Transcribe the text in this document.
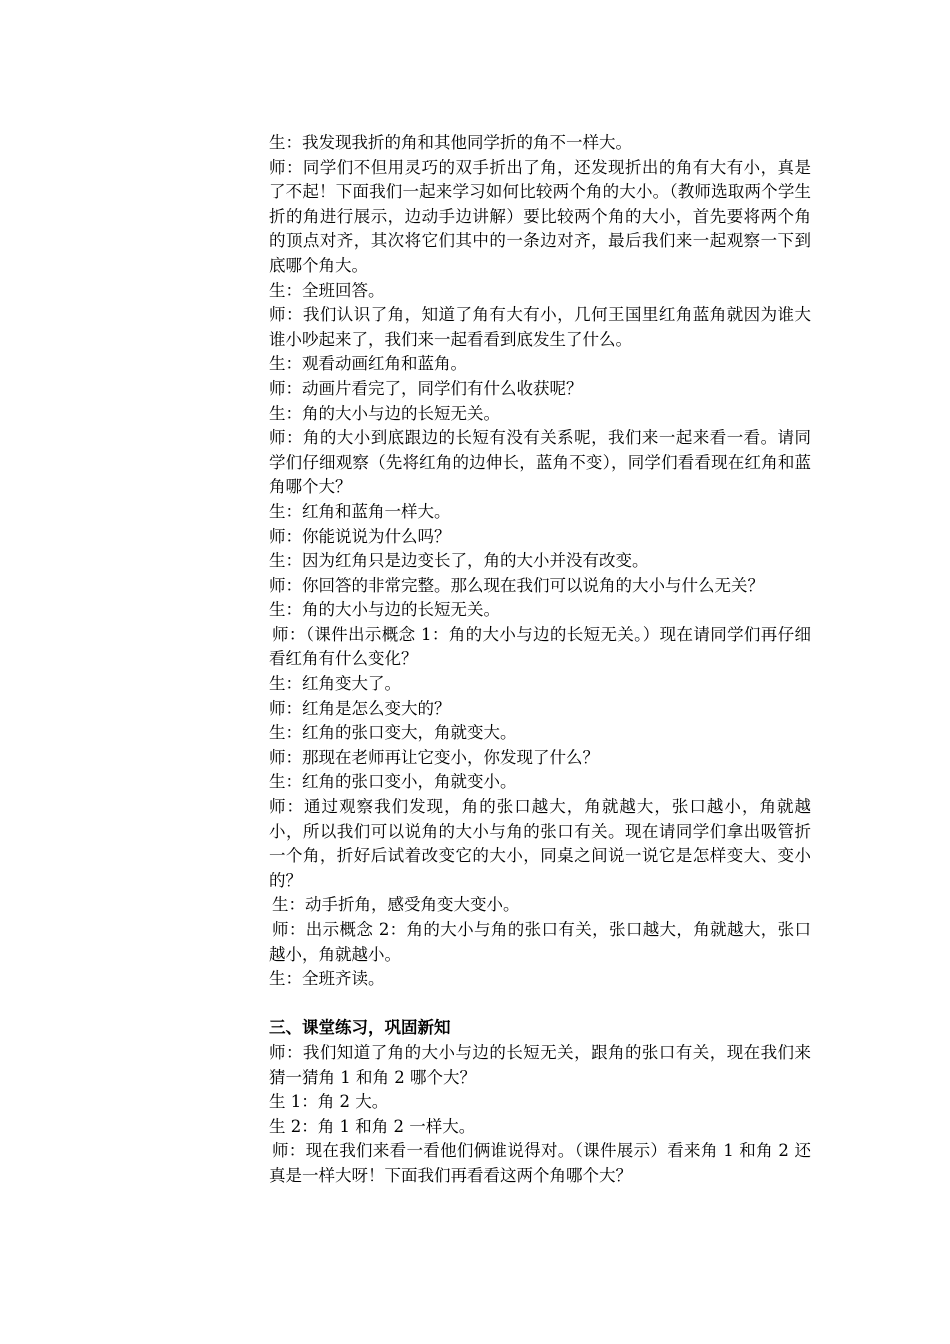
生：我发现我折的角和其他同学折的角不一样大。

师：同学们不但用灵巧的双手折出了角，还发现折出的角有大有小，真是了不起！下面我们一起来学习如何比较两个角的大小。（教师选取两个学生折的角进行展示，边动手边讲解）要比较两个角的大小，首先要将两个角的顶点对齐，其次将它们其中的一条边对齐，最后我们来一起观察一下到底哪个角大。

生：全班回答。

师：我们认识了角，知道了角有大有小，几何王国里红角蓝角就因为谁大谁小吵起来了，我们来一起看看到底发生了什么。

生：观看动画红角和蓝角。

师：动画片看完了，同学们有什么收获呢？

生：角的大小与边的长短无关。

师：角的大小到底跟边的长短有没有关系呢，我们来一起来看一看。请同学们仔细观察（先将红角的边伸长，蓝角不变），同学们看看现在红角和蓝角哪个大？

生：红角和蓝角一样大。

师：你能说说为什么吗？

生：因为红角只是边变长了，角的大小并没有改变。

师：你回答的非常完整。那么现在我们可以说角的大小与什么无关？

生：角的大小与边的长短无关。

师：（课件出示概念 1：角的大小与边的长短无关。）现在请同学们再仔细看红角有什么变化？

生：红角变大了。

师：红角是怎么变大的？

生：红角的张口变大，角就变大。

师：那现在老师再让它变小，你发现了什么？

生：红角的张口变小，角就变小。

师：通过观察我们发现，角的张口越大，角就越大，张口越小，角就越小，所以我们可以说角的大小与角的张口有关。现在请同学们拿出吸管折一个角，折好后试着改变它的大小，同桌之间说一说它是怎样变大、变小的？

生：动手折角，感受角变大变小。

师：出示概念 2：角的大小与角的张口有关，张口越大，角就越大，张口越小，角就越小。

生：全班齐读。

三、课堂练习，巩固新知

师：我们知道了角的大小与边的长短无关，跟角的张口有关，现在我们来猜一猜角 1 和角 2 哪个大？

生 1：角 2 大。

生 2：角 1 和角 2 一样大。

师：现在我们来看一看他们俩谁说得对。（课件展示）看来角 1 和角 2 还真是一样大呀！下面我们再看看这两个角哪个大？
